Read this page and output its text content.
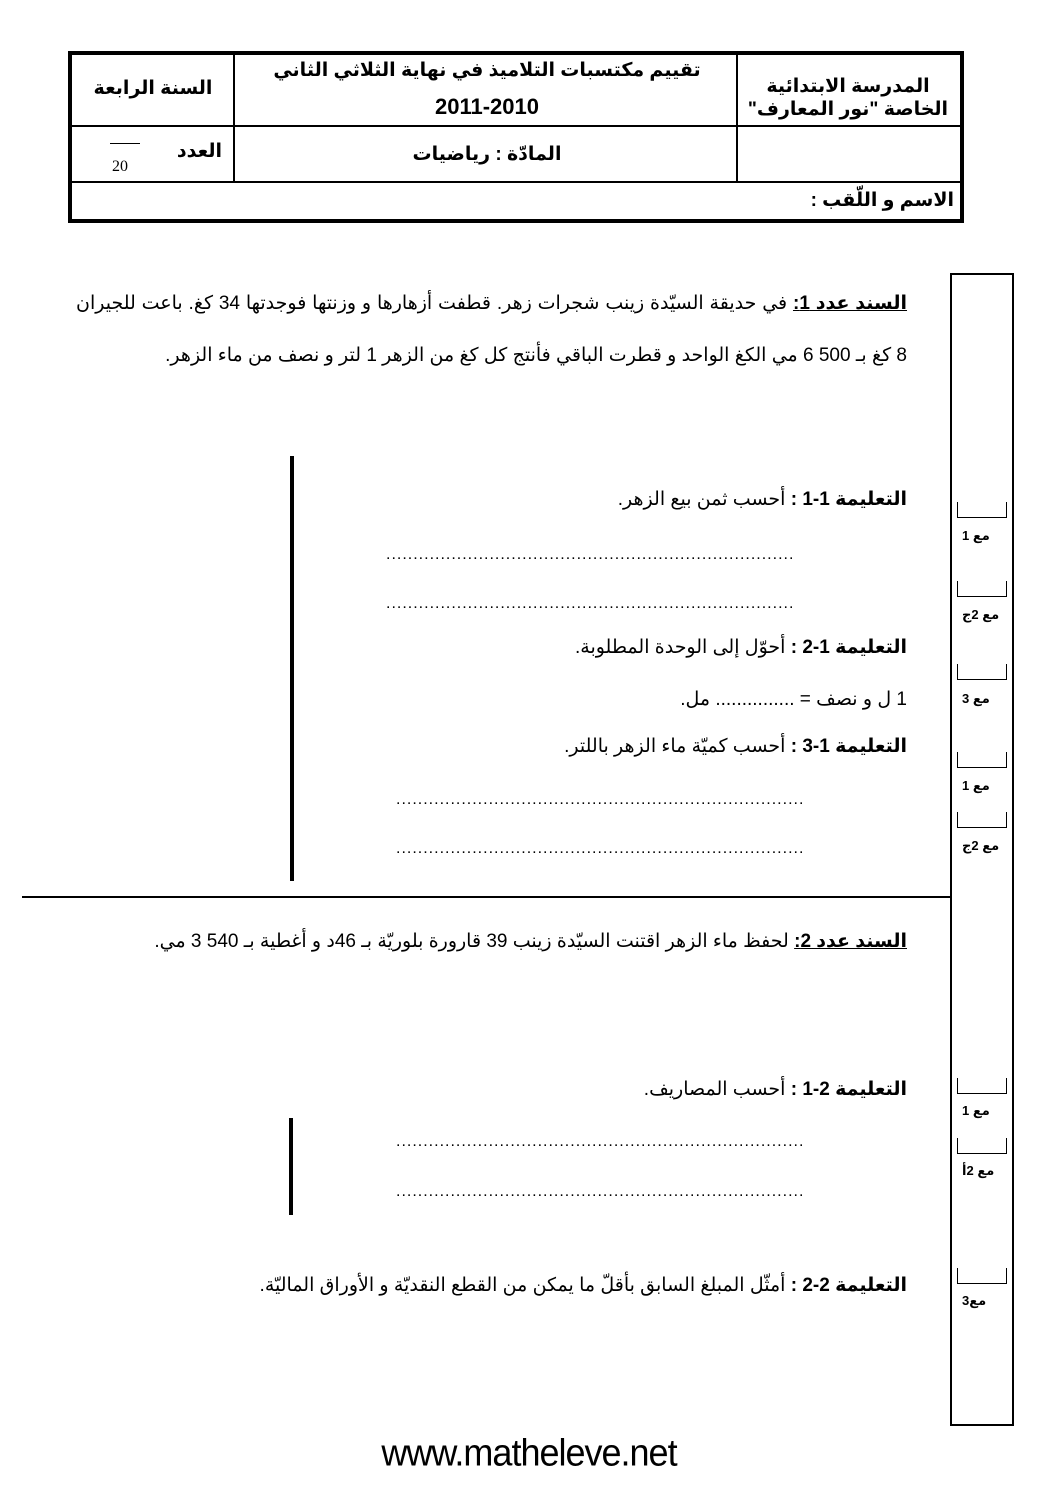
المدرسة الابتدائية الخاصة "نور المعارف"
تقييم مكتسبات التلاميذ في نهاية الثلاثي الثاني
2011-2010
السنة الرابعة
المادّة : رياضيات
العدد
20
الاسم و اللّقب :
مع 1
مع 2ج
مع 3
مع 1
مع 2ج
مع 1
مع 2أ
مع3
السند عدد 1: في حديقة السيّدة زينب شجرات زهر. قطفت أزهارها و وزنتها فوجدتها 34 كغ. باعت للجيران 8 كغ بـ 500 6 مي الكغ الواحد و قطرت الباقي فأنتج كل كغ من الزهر 1 لتر و نصف من ماء الزهر.
التعليمة 1-1 : أحسب ثمن بيع الزهر.
...........................................................................
...........................................................................
التعليمة 1-2 : أحوّل إلى الوحدة المطلوبة.
1 ل و نصف = ............... مل.
التعليمة 1-3 : أحسب كميّة ماء الزهر باللتر.
...........................................................................
...........................................................................
السند عدد 2: لحفظ ماء الزهر اقتنت السيّدة زينب 39 قارورة بلوريّة بـ 46د و أغطية بـ 540 3 مي.
التعليمة 2-1 : أحسب المصاريف.
...........................................................................
...........................................................................
التعليمة 2-2 : أمثّل المبلغ السابق بأقلّ ما يمكن من القطع النقديّة و الأوراق الماليّة.
www.matheleve.net
